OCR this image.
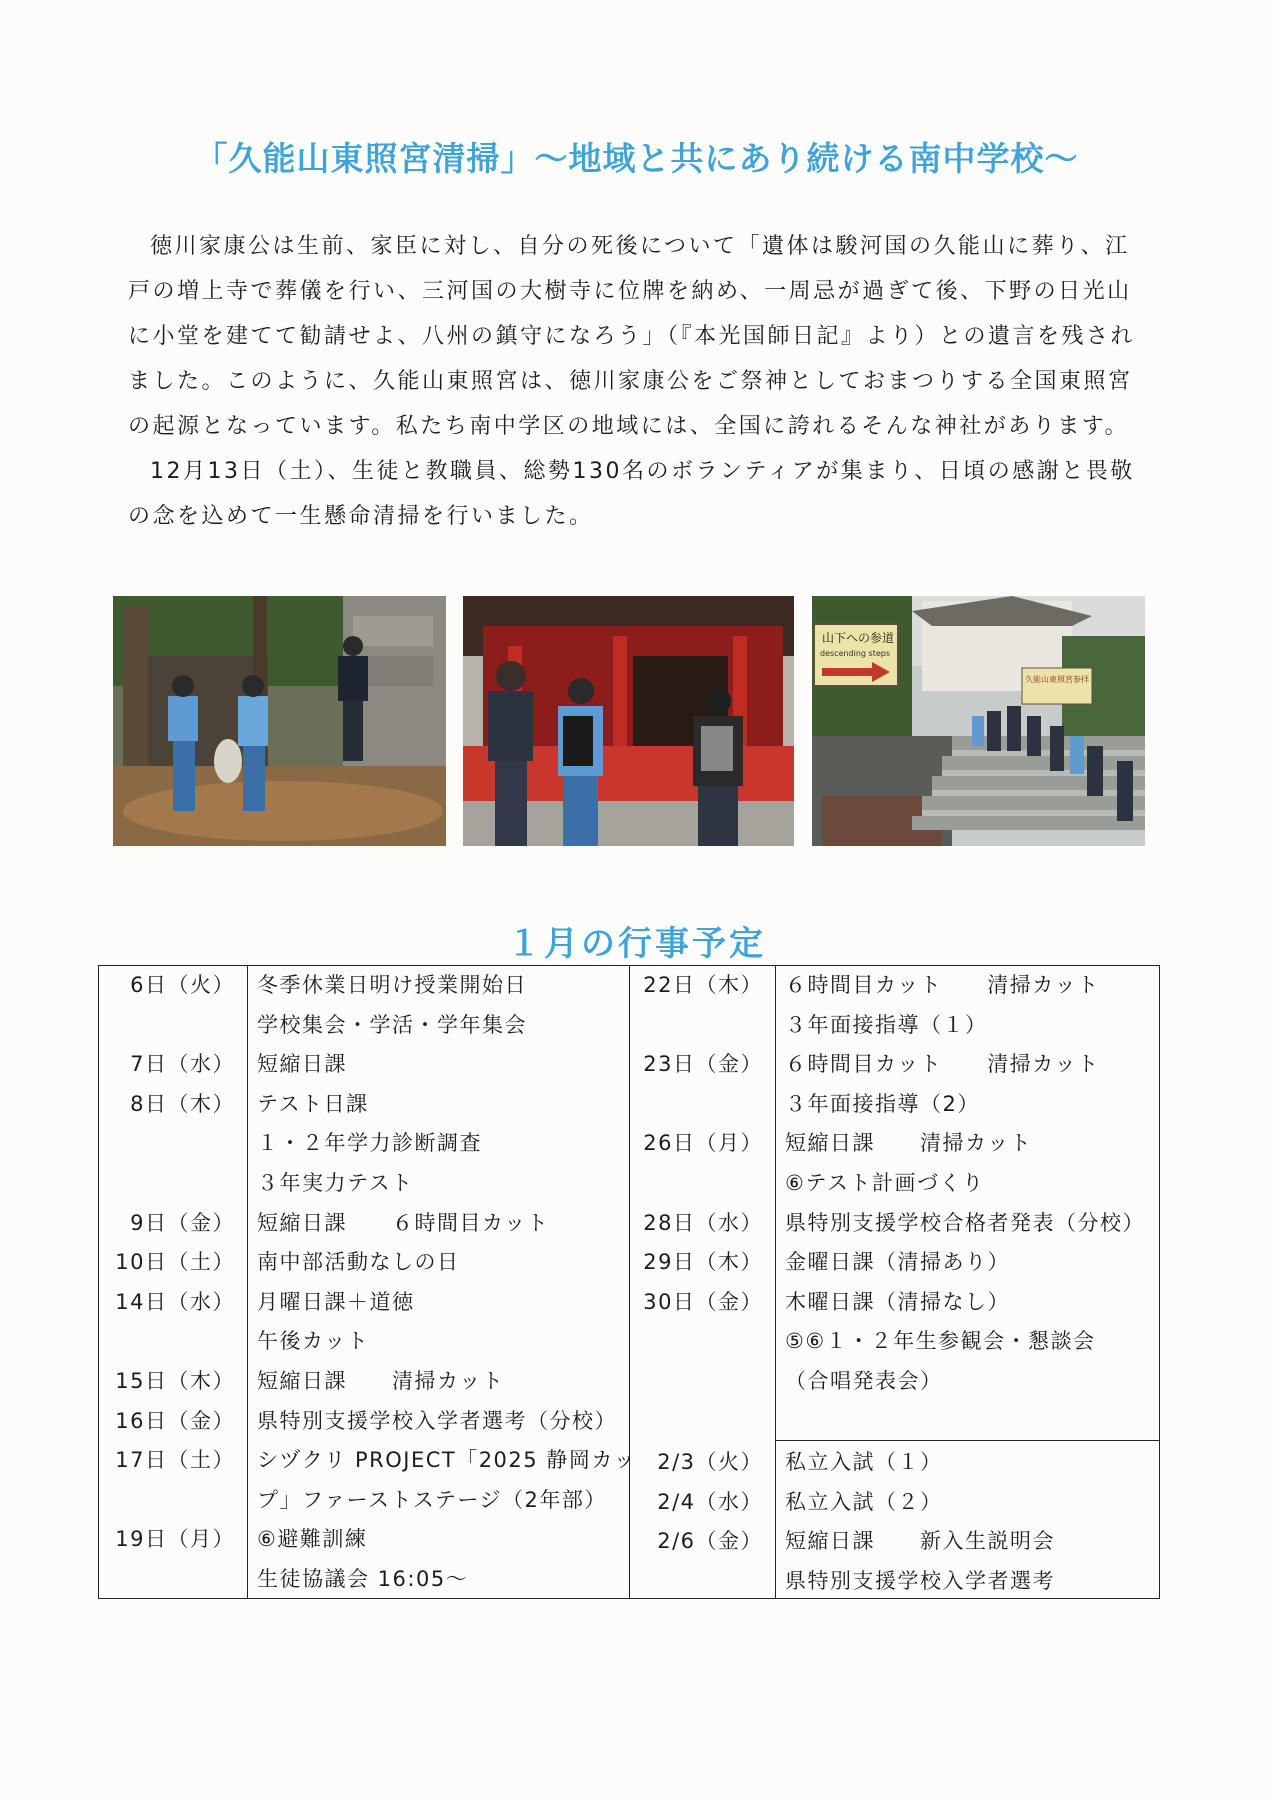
「久能山東照宮清掃」～地域と共にあり続ける南中学校～

徳川家康公は生前、家臣に対し、自分の死後について「遺体は駿河国の久能山に葬り、江戸の増上寺で葬儀を行い、三河国の大樹寺に位牌を納め、一周忌が過ぎて後、下野の日光山に小堂を建てて勧請せよ、八州の鎮守になろう」（『本光国師日記』より）との遺言を残されました。このように、久能山東照宮は、徳川家康公をご祭神としておまつりする全国東照宮の起源となっています。私たち南中学区の地域には、全国に誇れるそんな神社があります。

12月13日（土）、生徒と教職員、総勢130名のボランティアが集まり、日頃の感謝と畏敬の念を込めて一生懸命清掃を行いました。

山下への参道
descending steps
久能山東照宮参拝
１月の行事予定
6日（火）
7日（水）
8日（木）
9日（金）
10日（土）
14日（水）
15日（木）
16日（金）
17日（土）
19日（月）
冬季休業日明け授業開始日
学校集会・学活・学年集会
短縮日課
テスト日課
１・２年学力診断調査
３年実力テスト
短縮日課　　６時間目カット
南中部活動なしの日
月曜日課＋道徳
午後カット
短縮日課　　清掃カット
県特別支援学校入学者選考（分校）
シヅクリ PROJECT「2025 静岡カッ
プ」ファーストステージ（2年部）
⑥避難訓練
生徒協議会 16:05～
22日（木）
23日（金）
26日（月）
28日（水）
29日（木）
30日（金）
2/3（火）
2/4（水）
2/6（金）
６時間目カット　　清掃カット
３年面接指導（１）
６時間目カット　　清掃カット
３年面接指導（2）
短縮日課　　清掃カット
⑥テスト計画づくり
県特別支援学校合格者発表（分校）
金曜日課（清掃あり）
木曜日課（清掃なし）
⑤⑥１・２年生参観会・懇談会
（合唱発表会）
私立入試（１）
私立入試（２）
短縮日課　　新入生説明会
県特別支援学校入学者選考
